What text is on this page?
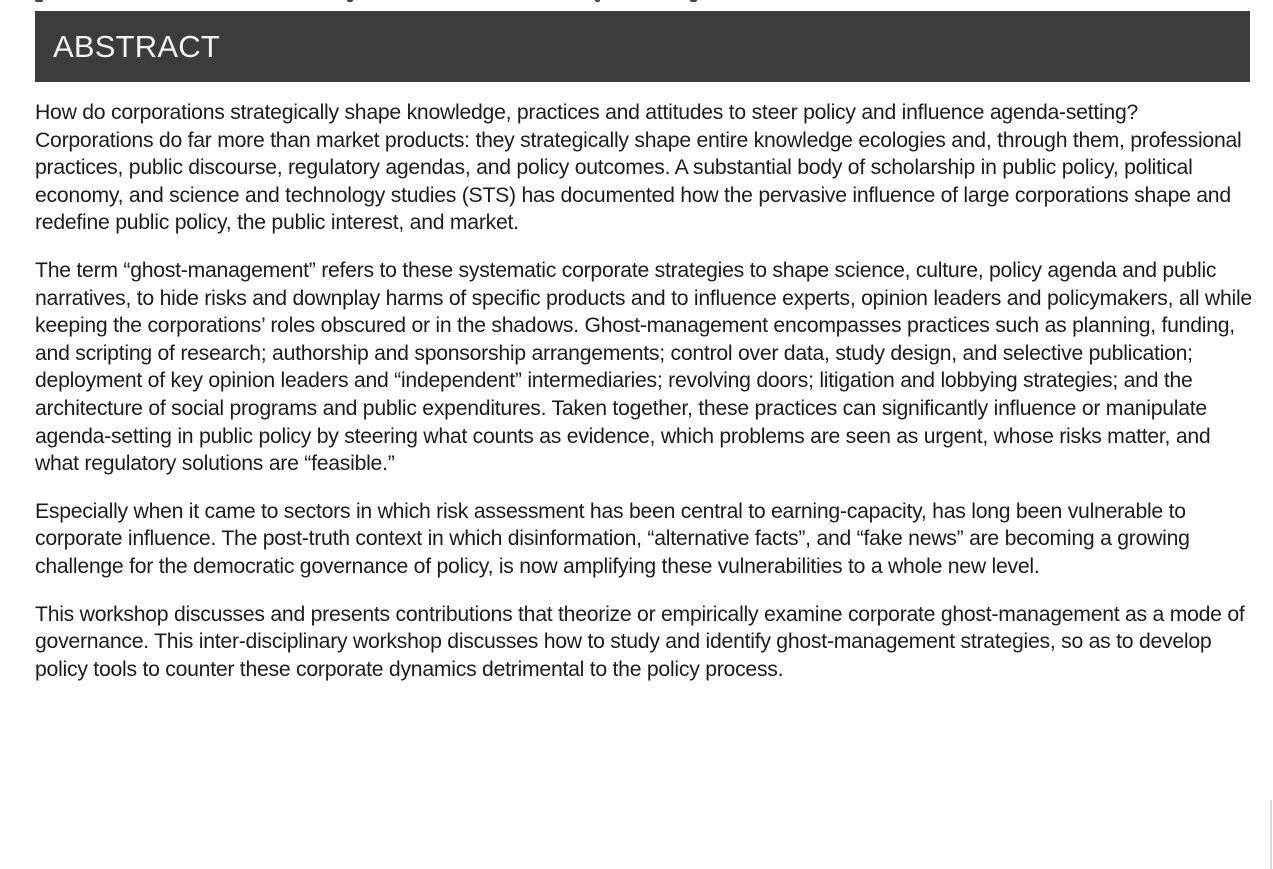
ABSTRACT

How do corporations strategically shape knowledge, practices and attitudes to steer policy and influence agenda-setting? Corporations do far more than market products: they strategically shape entire knowledge ecologies and, through them, professional practices, public discourse, regulatory agendas, and policy outcomes. A substantial body of scholarship in public policy, political economy, and science and technology studies (STS) has documented how the pervasive influence of large corporations shape and redefine public policy, the public interest, and market.

The term “ghost-management” refers to these systematic corporate strategies to shape science, culture, policy agenda and public narratives, to hide risks and downplay harms of specific products and to influence experts, opinion leaders and policymakers, all while keeping the corporations’ roles obscured or in the shadows. Ghost-management encompasses practices such as planning, funding, and scripting of research; authorship and sponsorship arrangements; control over data, study design, and selective publication; deployment of key opinion leaders and “independent” intermediaries; revolving doors; litigation and lobbying strategies; and the architecture of social programs and public expenditures. Taken together, these practices can significantly influence or manipulate agenda-setting in public policy by steering what counts as evidence, which problems are seen as urgent, whose risks matter, and what regulatory solutions are “feasible.”

Especially when it came to sectors in which risk assessment has been central to earning-capacity, has long been vulnerable to corporate influence. The post-truth context in which disinformation, “alternative facts”, and “fake news” are becoming a growing challenge for the democratic governance of policy, is now amplifying these vulnerabilities to a whole new level.

This workshop discusses and presents contributions that theorize or empirically examine corporate ghost-management as a mode of governance. This inter-disciplinary workshop discusses how to study and identify ghost-management strategies, so as to develop policy tools to counter these corporate dynamics detrimental to the policy process.
